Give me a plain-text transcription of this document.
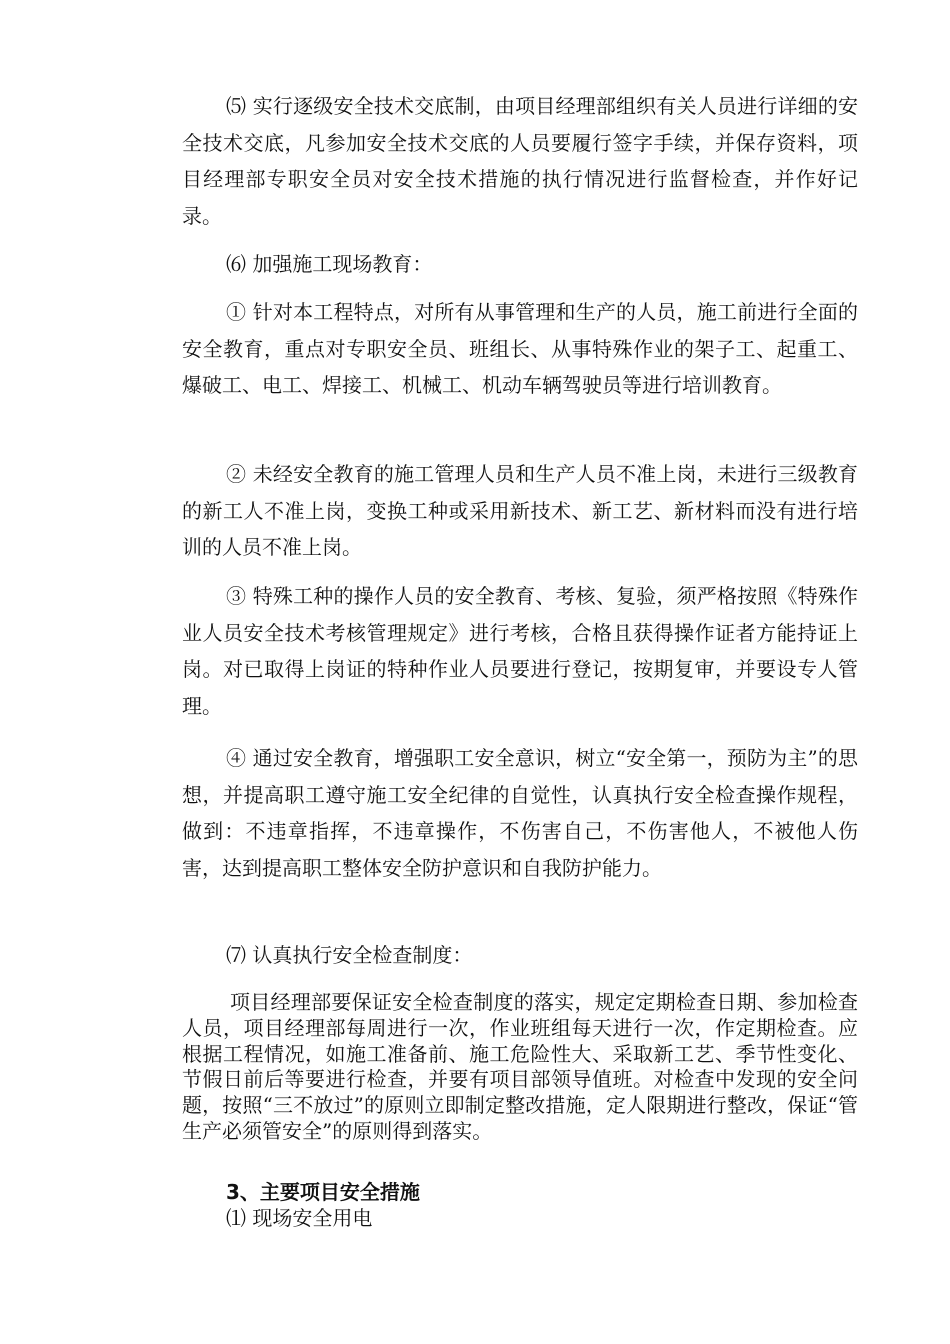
⑸ 实行逐级安全技术交底制，由项目经理部组织有关人员进行详细的安全技术交底，凡参加安全技术交底的人员要履行签字手续，并保存资料，项目经理部专职安全员对安全技术措施的执行情况进行监督检查，并作好记录。

⑹ 加强施工现场教育：

① 针对本工程特点，对所有从事管理和生产的人员，施工前进行全面的安全教育，重点对专职安全员、班组长、从事特殊作业的架子工、起重工、爆破工、电工、焊接工、机械工、机动车辆驾驶员等进行培训教育。

② 未经安全教育的施工管理人员和生产人员不准上岗，未进行三级教育的新工人不准上岗，变换工种或采用新技术、新工艺、新材料而没有进行培训的人员不准上岗。

③ 特殊工种的操作人员的安全教育、考核、复验，须严格按照《特殊作业人员安全技术考核管理规定》进行考核，合格且获得操作证者方能持证上岗。对已取得上岗证的特种作业人员要进行登记，按期复审，并要设专人管理。

④ 通过安全教育，增强职工安全意识，树立“安全第一，预防为主”的思想，并提高职工遵守施工安全纪律的自觉性，认真执行安全检查操作规程，做到：不违章指挥，不违章操作，不伤害自己，不伤害他人，不被他人伤害，达到提高职工整体安全防护意识和自我防护能力。

⑺ 认真执行安全检查制度：

项目经理部要保证安全检查制度的落实，规定定期检查日期、参加检查人员，项目经理部每周进行一次，作业班组每天进行一次，作定期检查。应根据工程情况，如施工准备前、施工危险性大、采取新工艺、季节性变化、节假日前后等要进行检查，并要有项目部领导值班。对检查中发现的安全问题，按照“三不放过”的原则立即制定整改措施，定人限期进行整改，保证“管生产必须管安全”的原则得到落实。

3、主要项目安全措施

⑴ 现场安全用电
